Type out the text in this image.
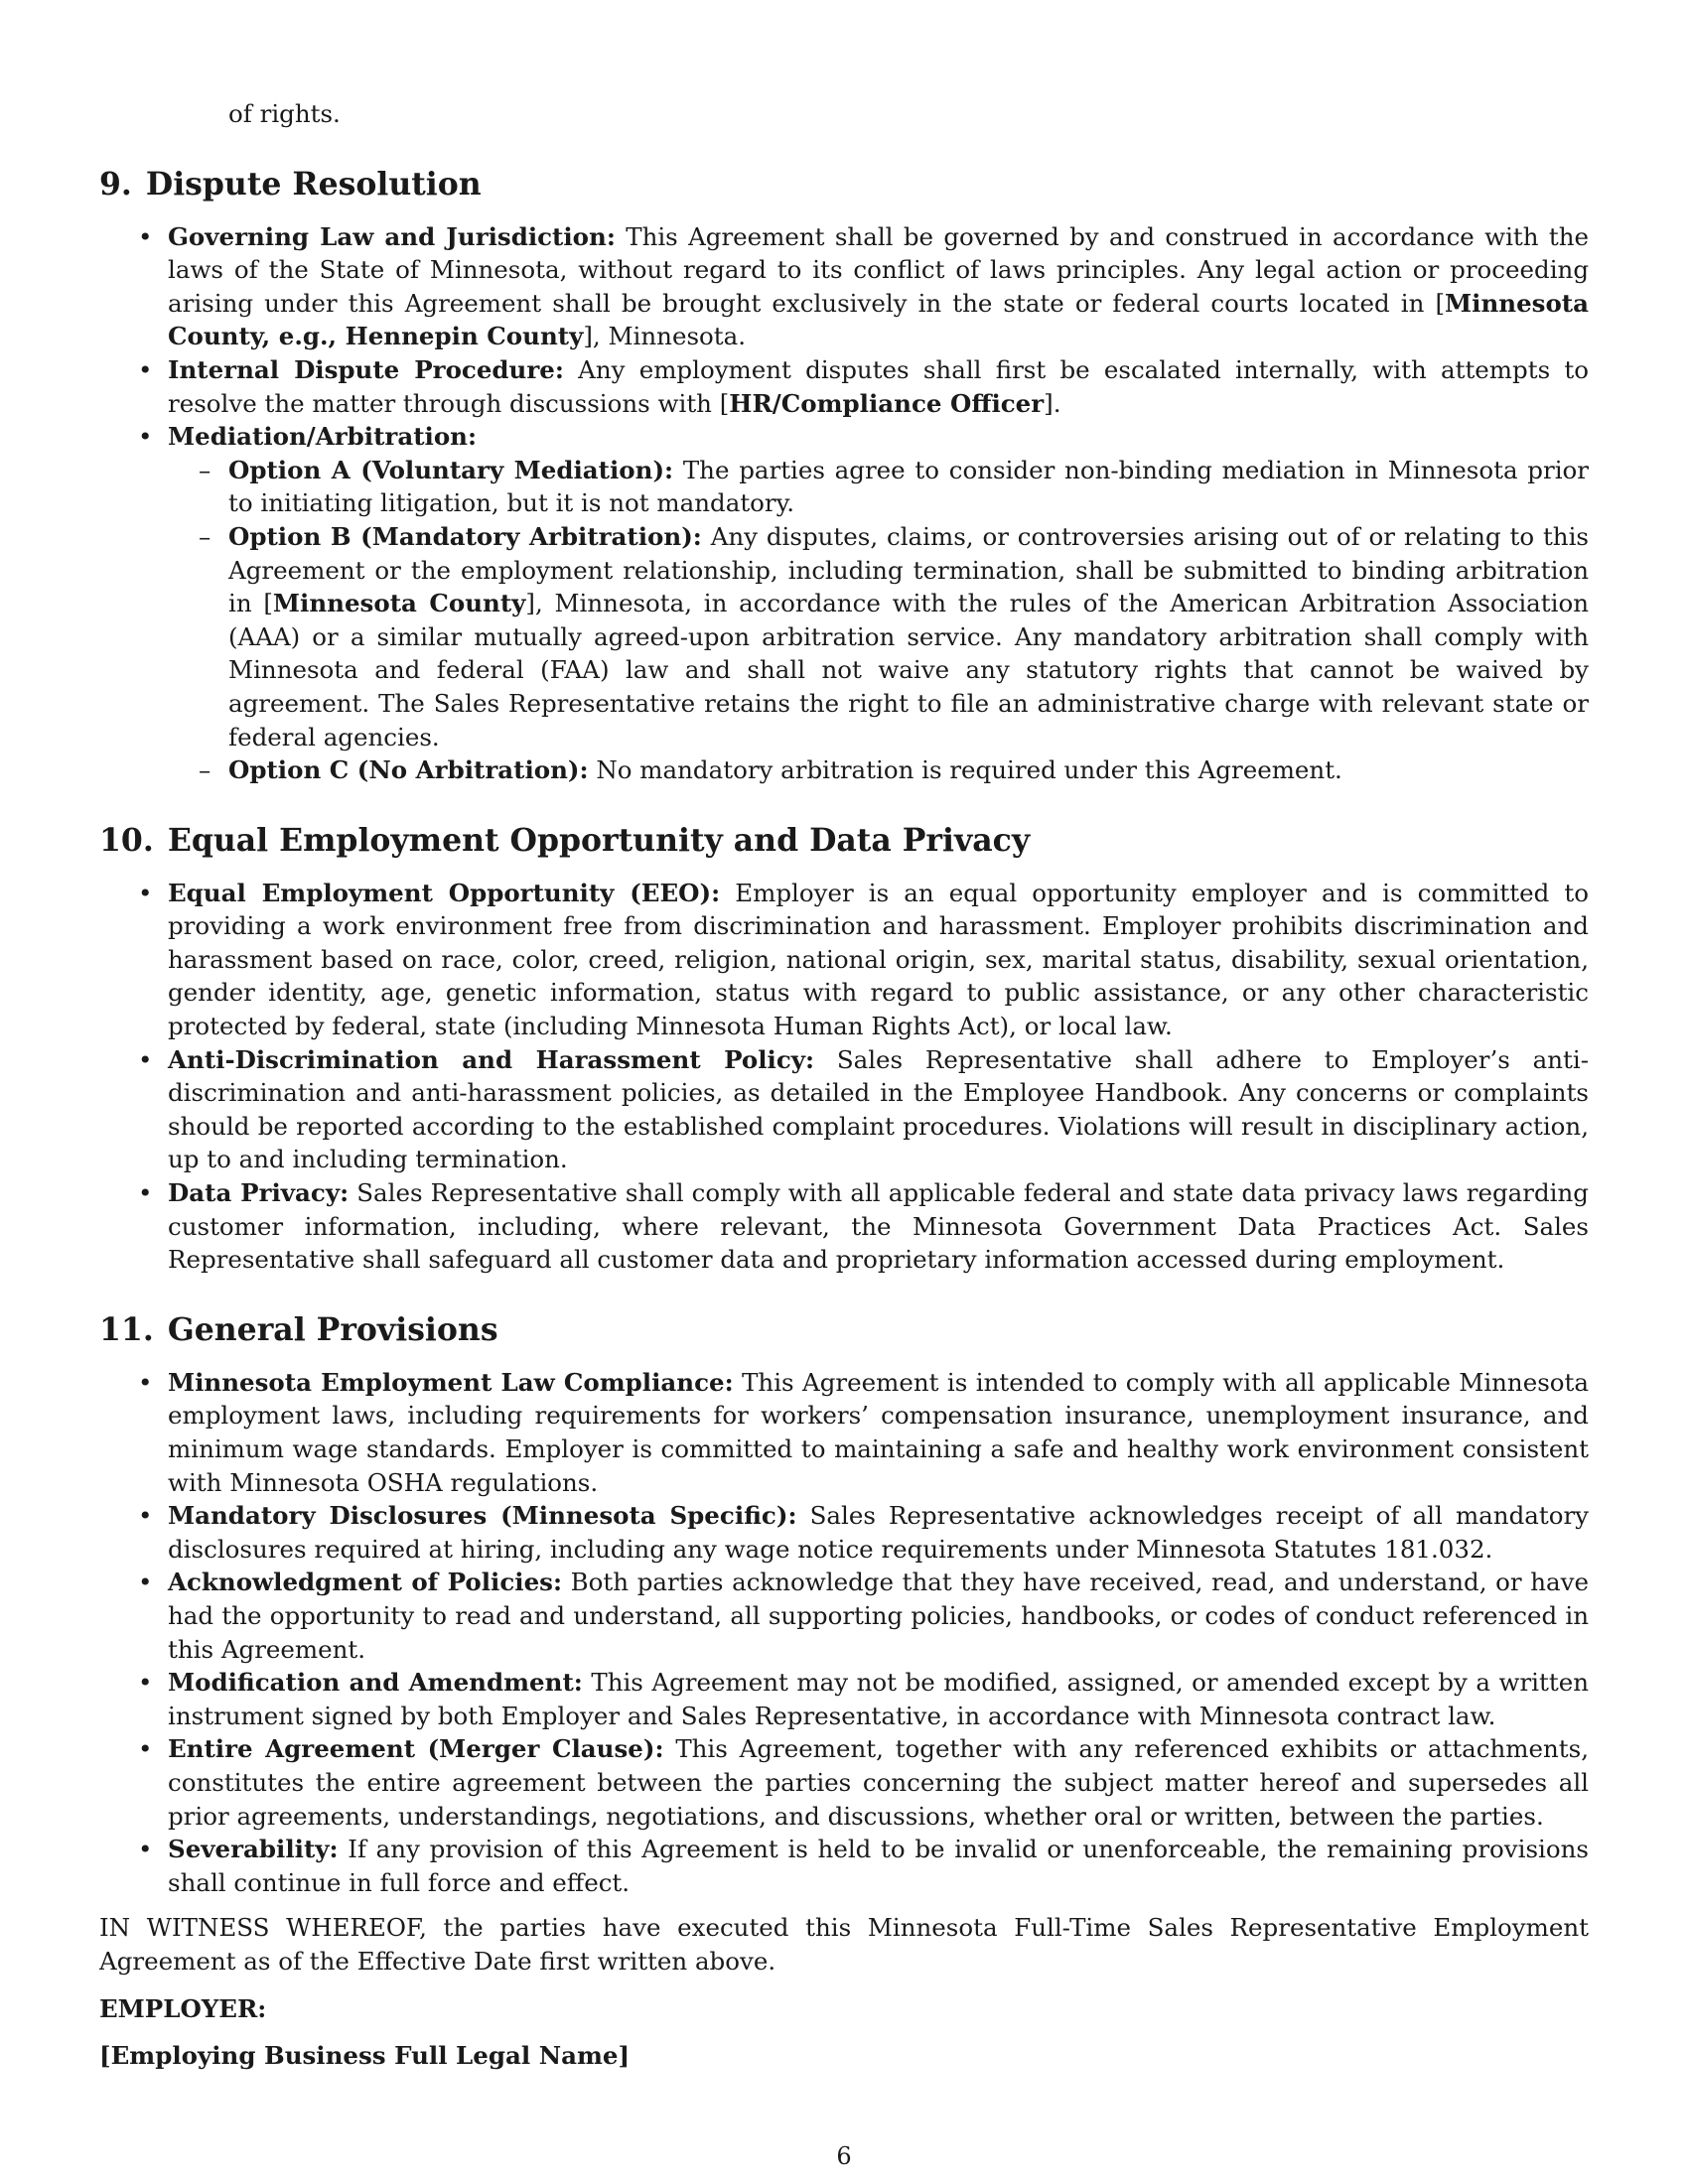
of rights.

9. Dispute Resolution
• Governing Law and Jurisdiction: This Agreement shall be governed by and construed in accordance with the laws of the State of Minnesota, without regard to its conflict of laws principles. Any legal action or proceeding arising under this Agreement shall be brought exclusively in the state or federal courts located in [Minnesota County, e.g., Hennepin County], Minnesota.
• Internal Dispute Procedure: Any employment disputes shall first be escalated internally, with attempts to resolve the matter through discussions with [HR/Compliance Officer].
• Mediation/Arbitration:
– Option A (Voluntary Mediation): The parties agree to consider non-binding mediation in Minnesota prior to initiating litigation, but it is not mandatory.
– Option B (Mandatory Arbitration): Any disputes, claims, or controversies arising out of or relating to this Agreement or the employment relationship, including termination, shall be submitted to binding arbitration in [Minnesota County], Minnesota, in accordance with the rules of the American Arbitration Association (AAA) or a similar mutually agreed-upon arbitration service. Any mandatory arbitration shall comply with Minnesota and federal (FAA) law and shall not waive any statutory rights that cannot be waived by agreement. The Sales Representative retains the right to file an administrative charge with relevant state or federal agencies.
– Option C (No Arbitration): No mandatory arbitration is required under this Agreement.
10. Equal Employment Opportunity and Data Privacy
• Equal Employment Opportunity (EEO): Employer is an equal opportunity employer and is committed to providing a work environment free from discrimination and harassment. Employer prohibits discrimination and harassment based on race, color, creed, religion, national origin, sex, marital status, disability, sexual orientation, gender identity, age, genetic information, status with regard to public assistance, or any other characteristic protected by federal, state (including Minnesota Human Rights Act), or local law.
• Anti-Discrimination and Harassment Policy: Sales Representative shall adhere to Employer’s anti-discrimination and anti-harassment policies, as detailed in the Employee Handbook. Any concerns or complaints should be reported according to the established complaint procedures. Violations will result in disciplinary action, up to and including termination.
• Data Privacy: Sales Representative shall comply with all applicable federal and state data privacy laws regarding customer information, including, where relevant, the Minnesota Government Data Practices Act. Sales Representative shall safeguard all customer data and proprietary information accessed during employment.
11. General Provisions
• Minnesota Employment Law Compliance: This Agreement is intended to comply with all applicable Minnesota employment laws, including requirements for workers’ compensation insurance, unemployment insurance, and minimum wage standards. Employer is committed to maintaining a safe and healthy work environment consistent with Minnesota OSHA regulations.
• Mandatory Disclosures (Minnesota Specific): Sales Representative acknowledges receipt of all mandatory disclosures required at hiring, including any wage notice requirements under Minnesota Statutes 181.032.
• Acknowledgment of Policies: Both parties acknowledge that they have received, read, and understand, or have had the opportunity to read and understand, all supporting policies, handbooks, or codes of conduct referenced in this Agreement.
• Modification and Amendment: This Agreement may not be modified, assigned, or amended except by a written instrument signed by both Employer and Sales Representative, in accordance with Minnesota contract law.
• Entire Agreement (Merger Clause): This Agreement, together with any referenced exhibits or attachments, constitutes the entire agreement between the parties concerning the subject matter hereof and supersedes all prior agreements, understandings, negotiations, and discussions, whether oral or written, between the parties.
• Severability: If any provision of this Agreement is held to be invalid or unenforceable, the remaining provisions shall continue in full force and effect.

IN WITNESS WHEREOF, the parties have executed this Minnesota Full-Time Sales Representative Employment Agreement as of the Effective Date first written above.

EMPLOYER:

[Employing Business Full Legal Name]

6
